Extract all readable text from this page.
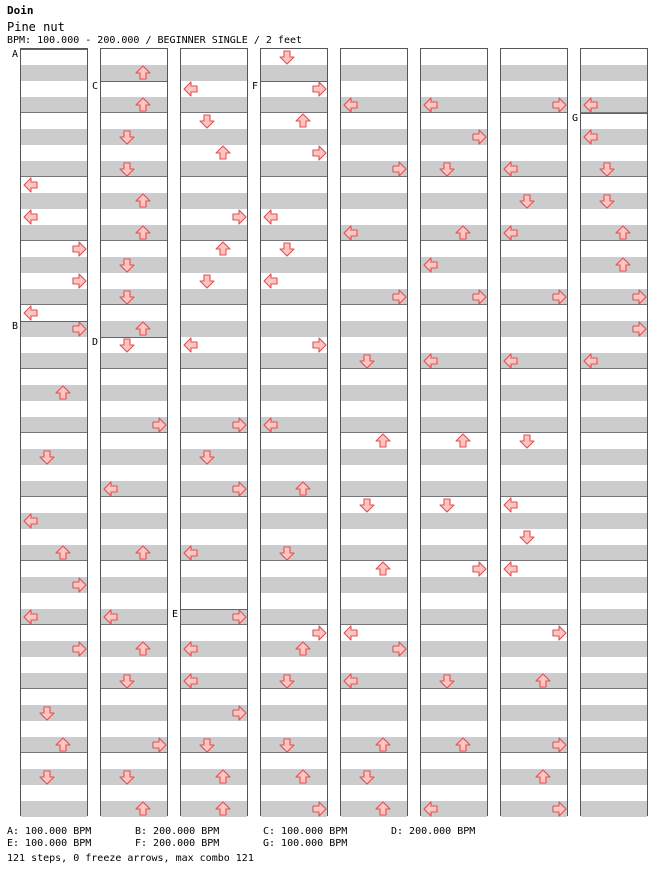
Doin
Pine nut
BPM: 100.000 - 200.000 / BEGINNER SINGLE / 2 feet
A
B
C
D
E
F
G
A: 100.000 BPM	B: 200.000 BPM	C: 100.000 BPM	D: 200.000 BPM
E: 100.000 BPM	F: 200.000 BPM	G: 100.000 BPM
121 steps, 0 freeze arrows, max combo 121
